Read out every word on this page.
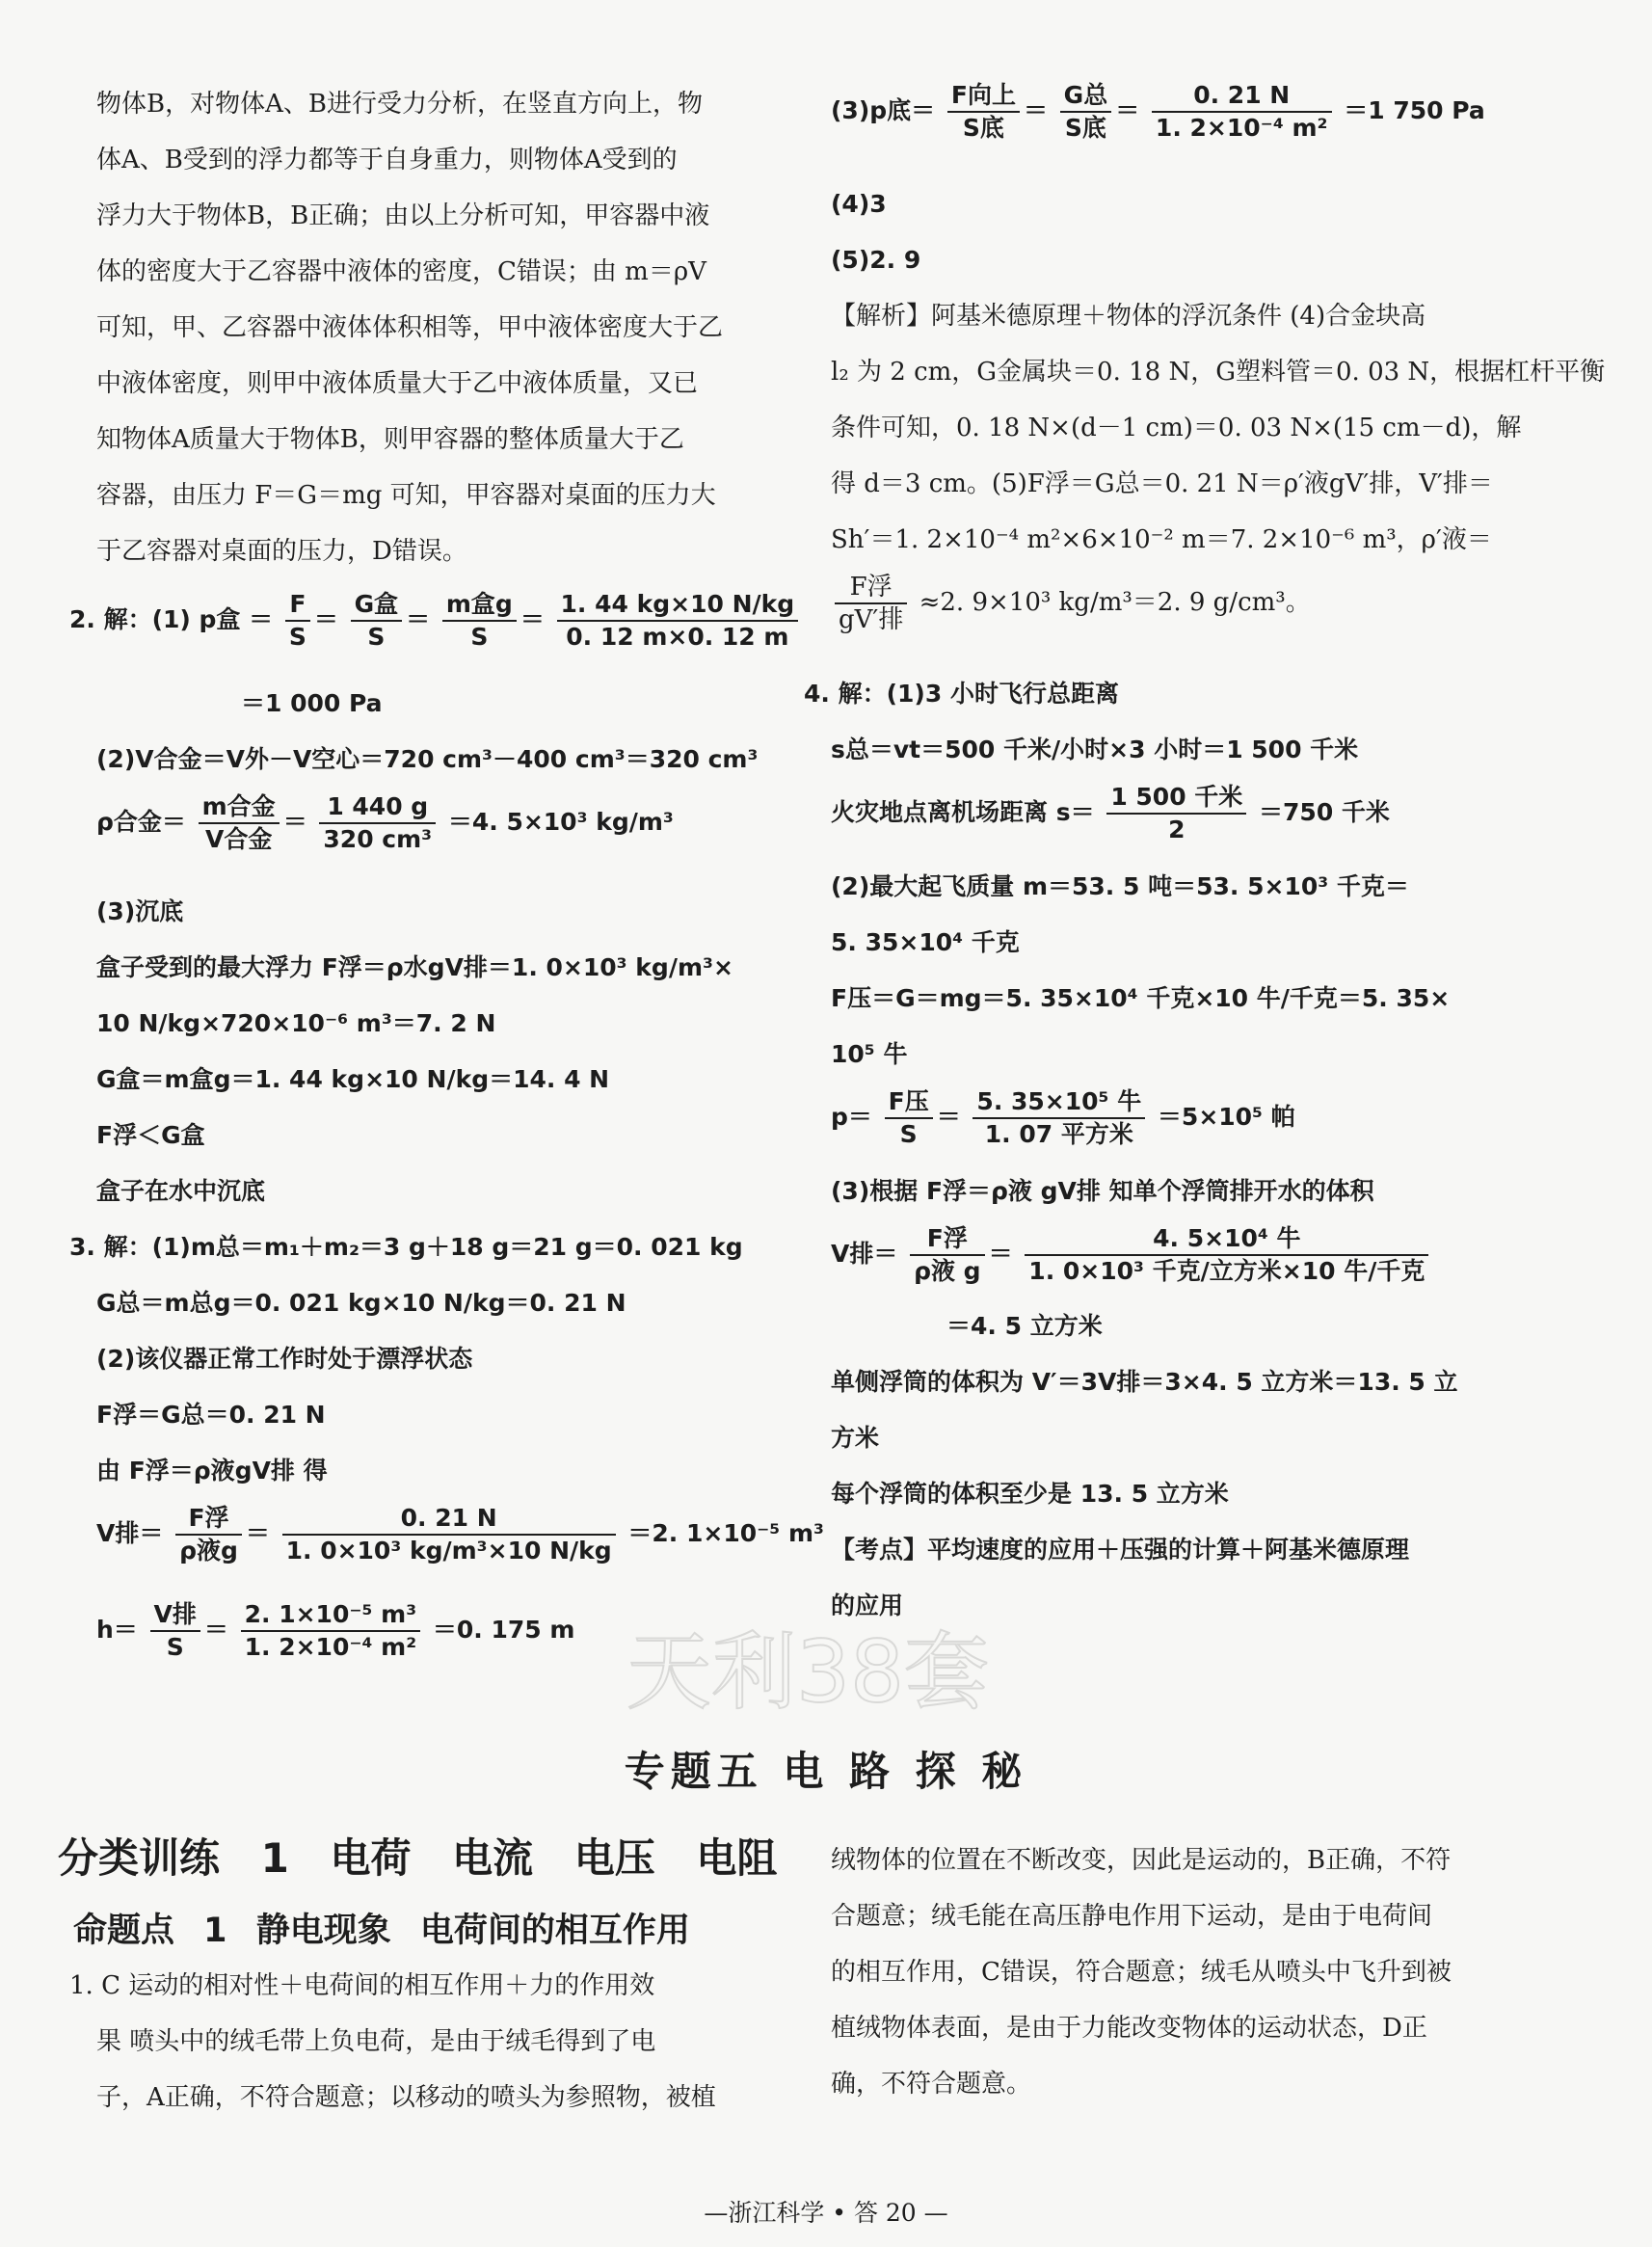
物体B，对物体A、B进行受力分析，在竖直方向上，物
体A、B受到的浮力都等于自身重力，则物体A受到的
浮力大于物体B，B正确；由以上分析可知，甲容器中液
体的密度大于乙容器中液体的密度，C错误；由 m＝ρV
可知，甲、乙容器中液体体积相等，甲中液体密度大于乙
中液体密度，则甲中液体质量大于乙中液体质量，又已
知物体A质量大于物体B，则甲容器的整体质量大于乙
容器，由压力 F＝G＝mg 可知，甲容器对桌面的压力大
于乙容器对桌面的压力，D错误。
2. 解：(1) p盒 ＝ $\frac{F}{S} = \frac{\text{G盒}}{S} = \frac{\text{m盒g}}{S} = \frac{1. 44 kg\times 10 N/kg}{0. 12 m\times 0. 12 m}$
＝1 000 Pa
(2)V合金＝V外－V空心＝720 cm³－400 cm³＝320 cm³
ρ合金＝ $\frac{\text{m合金}}{\text{V合金}} = \frac{1 440 g}{\text{320 cm³}} =4$. 5×10³ kg/m³
(3)沉底
盒子受到的最大浮力 F浮＝ρ水gV排＝1. 0×10³ kg/m³×
10 N/kg×720×10⁻⁶ m³＝7. 2 N
G盒＝m盒g＝1. 44 kg×10 N/kg＝14. 4 N
F浮＜G盒
盒子在水中沉底
3. 解：(1)m总＝m₁＋m₂＝3 g＋18 g＝21 g＝0. 021 kg
G总＝m总g＝0. 021 kg×10 N/kg＝0. 21 N
(2)该仪器正常工作时处于漂浮状态
F浮＝G总＝0. 21 N
由 F浮＝ρ液gV排 得
V排＝ $\frac{\text{F浮}}{\text{ρ液g}} = \frac{0. 21 N}{\text{1. 0×10³ kg/m³×10 N/kg}} =2$. 1×10⁻⁵ m³
$h= \frac{\text{V排}}{S} = \frac{\text{2. 1×10⁻⁵ m³}}{\text{1. 2×10⁻⁴ m²}} =0$. 175 m
(3)p底＝ $\frac{\text{F向上}}{\text{S底}} = \frac{\text{G总}}{\text{S底}} = \frac{0. 21 N}{\text{1. 2×10⁻⁴ m²}} =1$ 750 Pa
(4)3
(5)2. 9
【解析】阿基米德原理＋物体的浮沉条件 (4)合金块高
l₂ 为 2 cm，G金属块＝0. 18 N，G塑料管＝0. 03 N，根据杠杆平衡
条件可知，0. 18 N×(d－1 cm)＝0. 03 N×(15 cm－d)，解
得 d＝3 cm。(5)F浮＝G总＝0. 21 N＝ρ′液gV′排，V′排＝
Sh′＝1. 2×10⁻⁴ m²×6×10⁻² m＝7. 2×10⁻⁶ m³，ρ′液＝
$\frac{\text{F浮}}{\text{gV′排}} \approx 2$. 9×10³ kg/m³＝2. 9 g/cm³。
4. 解：(1)3 小时飞行总距离
s总＝vt＝500 千米/小时×3 小时＝1 500 千米
火灾地点离机场距离 $s= \frac{\text{1 500 千米}}{2} =750$ 千米
(2)最大起飞质量 m＝53. 5 吨＝53. 5×10³ 千克＝
5. 35×10⁴ 千克
F压＝G＝mg＝5. 35×10⁴ 千克×10 牛/千克＝5. 35×
10⁵ 牛
$p= \frac{\text{F压}}{S} = \frac{\text{5. 35×10⁵ 牛}}{\text{1. 07 平方米}} =5\times 10^5$ 帕
(3)根据 F浮＝ρ液 gV排 知单个浮筒排开水的体积
V排＝ $\frac{\text{F浮}}{\text{ρ液 g}} = \frac{\text{4. 5×10⁴ 牛}}{\text{1. 0×10³ 千克/立方米×10 牛/千克}}$
＝4. 5 立方米
单侧浮筒的体积为 V′＝3V排＝3×4. 5 立方米＝13. 5 立
方米
每个浮筒的体积至少是 13. 5 立方米
【考点】平均速度的应用＋压强的计算＋阿基米德原理
的应用
绒物体的位置在不断改变，因此是运动的，B正确，不符
合题意；绒毛能在高压静电作用下运动，是由于电荷间
的相互作用，C错误，符合题意；绒毛从喷头中飞升到被
植绒物体表面，是由于力能改变物体的运动状态，D正
确，不符合题意。
天利38套
专题五 电 路 探 秘
分类训练 1 电荷 电流 电压 电阻
命题点 1 静电现象 电荷间的相互作用
1. C 运动的相对性＋电荷间的相互作用＋力的作用效
果 喷头中的绒毛带上负电荷，是由于绒毛得到了电
子，A正确，不符合题意；以移动的喷头为参照物，被植
—浙江科学 • 答 20 —
